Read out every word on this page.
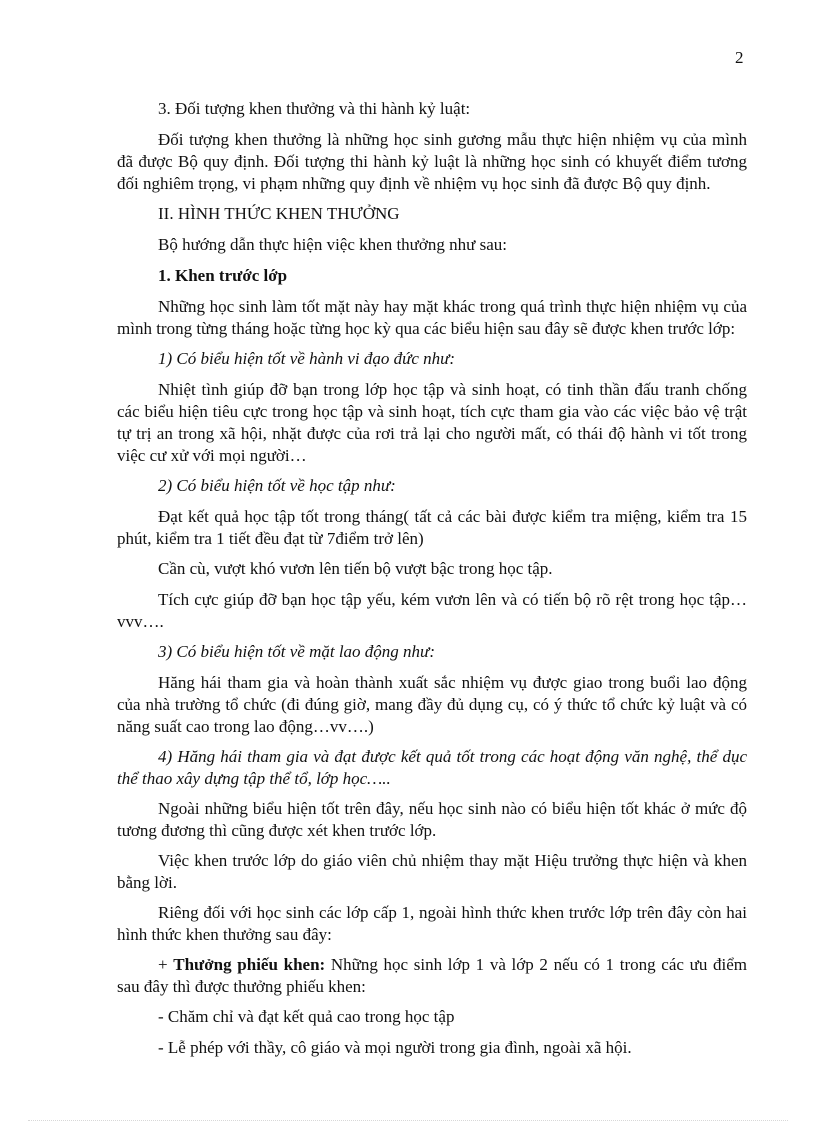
2

3. Đối tượng khen thưởng và thi hành kỷ luật:

Đối tượng khen thưởng là những học sinh gương mẫu thực hiện nhiệm vụ của mình đã được Bộ quy định. Đối tượng thi hành kỷ luật là những học sinh có khuyết điểm tương đối nghiêm trọng, vi phạm những quy định về nhiệm vụ học sinh đã được Bộ quy định.

II. HÌNH THỨC KHEN THƯỞNG

Bộ hướng dẫn thực hiện việc khen thưởng như sau:

1. Khen trước lớp

Những học sinh làm tốt mặt này hay mặt khác trong quá trình thực hiện nhiệm vụ của mình trong từng tháng hoặc từng học kỳ qua các biểu hiện sau đây sẽ được khen trước lớp:

1) Có biểu hiện tốt về hành vi đạo đức như:

Nhiệt tình giúp đỡ bạn trong lớp học tập và sinh hoạt, có tinh thần đấu tranh chống các biểu hiện tiêu cực trong học tập và sinh hoạt, tích cực tham gia vào các việc bảo vệ trật tự trị an trong xã hội, nhặt được của rơi trả lại cho người mất, có thái độ hành vi tốt trong việc cư xử với mọi người…

2) Có biểu hiện tốt về học tập như:

Đạt kết quả học tập tốt trong tháng( tất cả các bài được kiểm tra miệng, kiểm tra 15 phút, kiểm tra 1 tiết đều đạt từ 7điểm trở lên)

Cần cù, vượt khó vươn lên tiến bộ vượt bậc trong học tập.

Tích cực giúp đỡ bạn học tập yếu, kém vươn lên và có tiến bộ rõ rệt trong học tập…vvv….

3) Có biểu hiện tốt về mặt lao động như:

Hăng hái tham gia và hoàn thành xuất sắc nhiệm vụ được giao trong buổi lao động của nhà trường tổ chức (đi đúng giờ, mang đầy đủ dụng cụ, có ý thức tổ chức kỷ luật và có năng suất cao trong lao động…vv….)

4) Hăng hái tham gia và đạt được kết quả tốt trong các hoạt động văn nghệ, thể dục thể thao xây dựng tập thể tổ, lớp học…..

Ngoài những biểu hiện tốt trên đây, nếu học sinh nào có biểu hiện tốt khác ở mức độ tương đương thì cũng được xét khen trước lớp.

Việc khen trước lớp do giáo viên chủ nhiệm thay mặt Hiệu trưởng thực hiện và khen bằng lời.

Riêng đối với học sinh các lớp cấp 1, ngoài hình thức khen trước lớp trên đây còn hai hình thức khen thưởng sau đây:

+ Thưởng phiếu khen: Những học sinh lớp 1 và lớp 2 nếu có 1 trong các ưu điểm sau đây thì được thưởng phiếu khen:

- Chăm chỉ và đạt kết quả cao trong học tập

- Lễ phép với thầy, cô giáo và mọi người trong gia đình, ngoài xã hội.
